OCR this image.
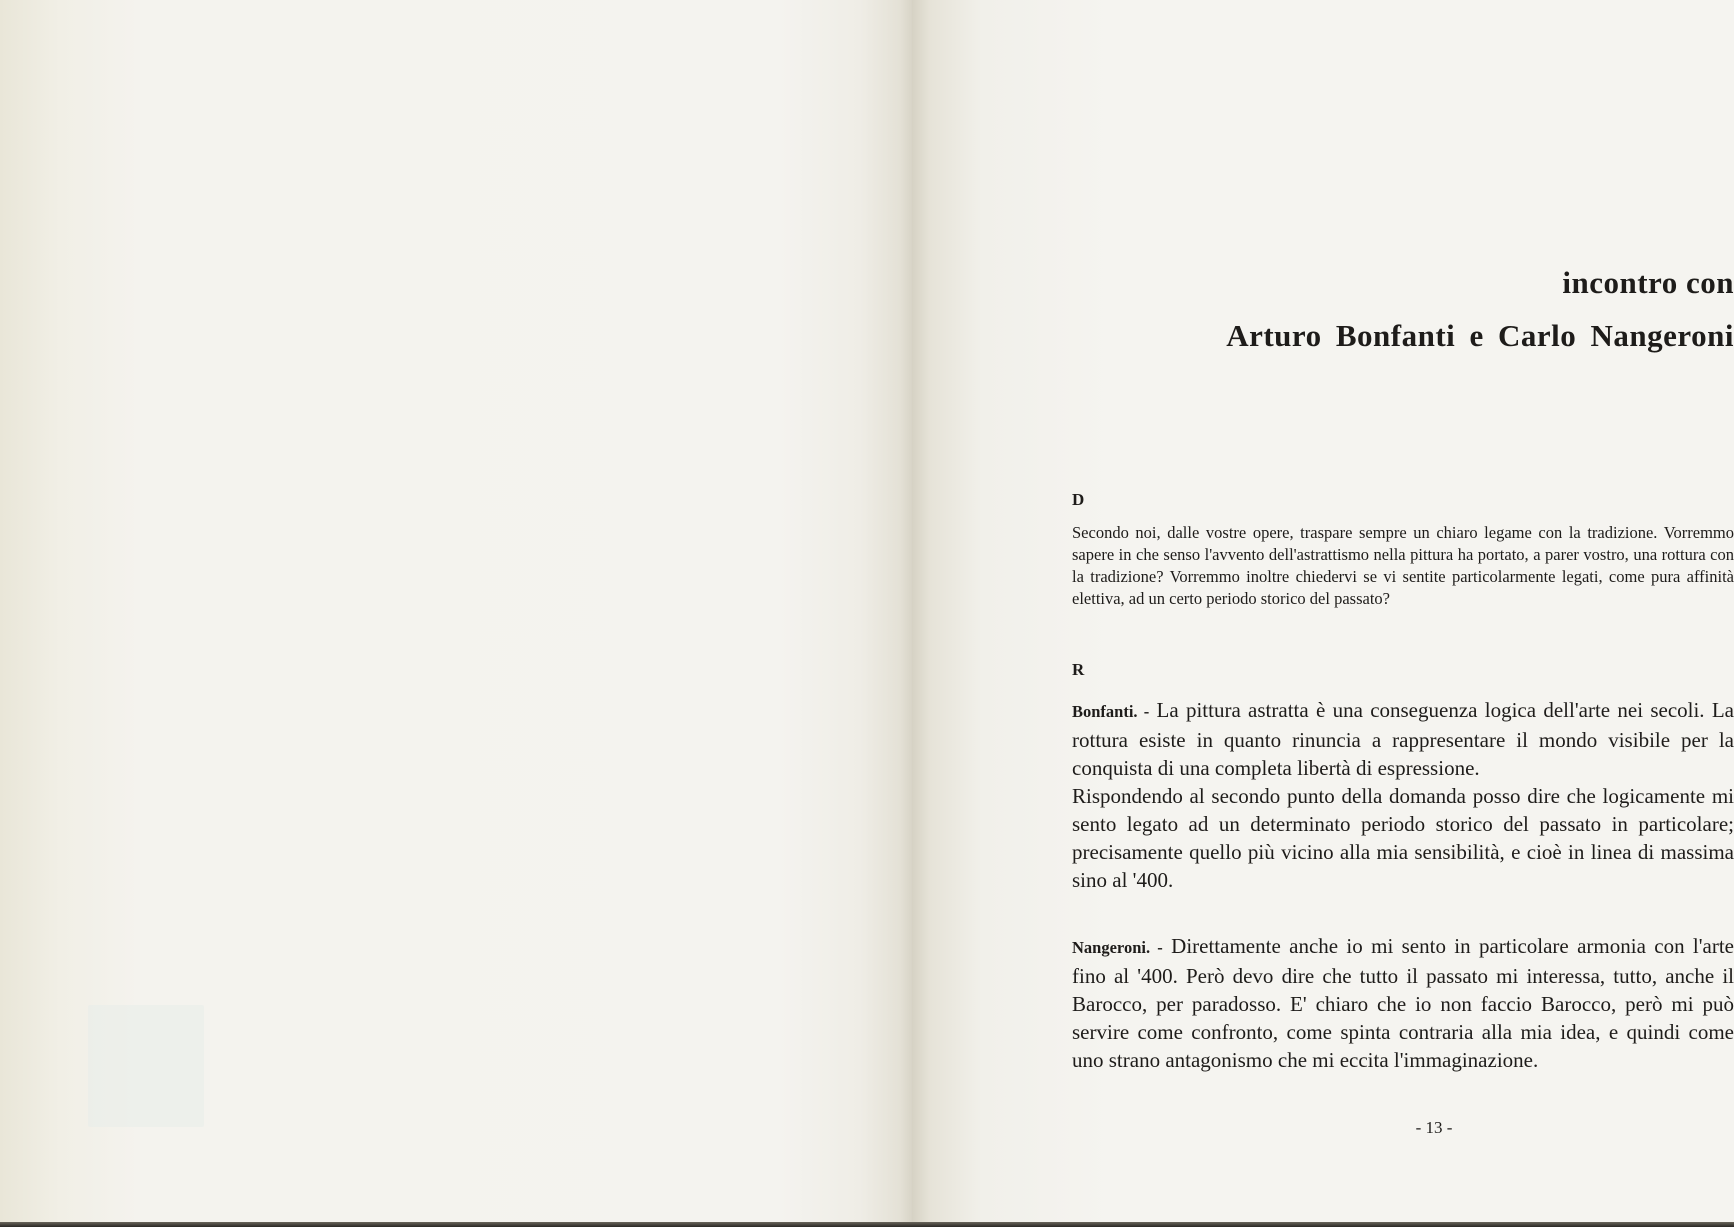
incontro con
Arturo Bonfanti e Carlo Nangeroni
D
Secondo noi, dalle vostre opere, traspare sempre un chiaro legame con la tradizione. Vorremmo sapere in che senso l'avvento dell'astrattismo nella pittura ha portato, a parer vostro, una rottura con la tradizione? Vorremmo inoltre chiedervi se vi sentite particolarmente legati, come pura affinità elettiva, ad un certo periodo storico del passato?
R

Bonfanti. - La pittura astratta è una conseguenza logica dell'arte nei secoli. La rottura esiste in quanto rinuncia a rappresentare il mondo visibile per la conquista di una completa libertà di espressione.

Rispondendo al secondo punto della domanda posso dire che logicamente mi sento legato ad un determinato periodo storico del passato in particolare; precisamente quello più vicino alla mia sensibilità, e cioè in linea di massima sino al '400.

Nangeroni. - Direttamente anche io mi sento in particolare armonia con l'arte fino al '400. Però devo dire che tutto il passato mi interessa, tutto, anche il Barocco, per paradosso. E' chiaro che io non faccio Barocco, però mi può servire come confronto, come spinta contraria alla mia idea, e quindi come uno strano antagonismo che mi eccita l'immaginazione.

- 13 -
